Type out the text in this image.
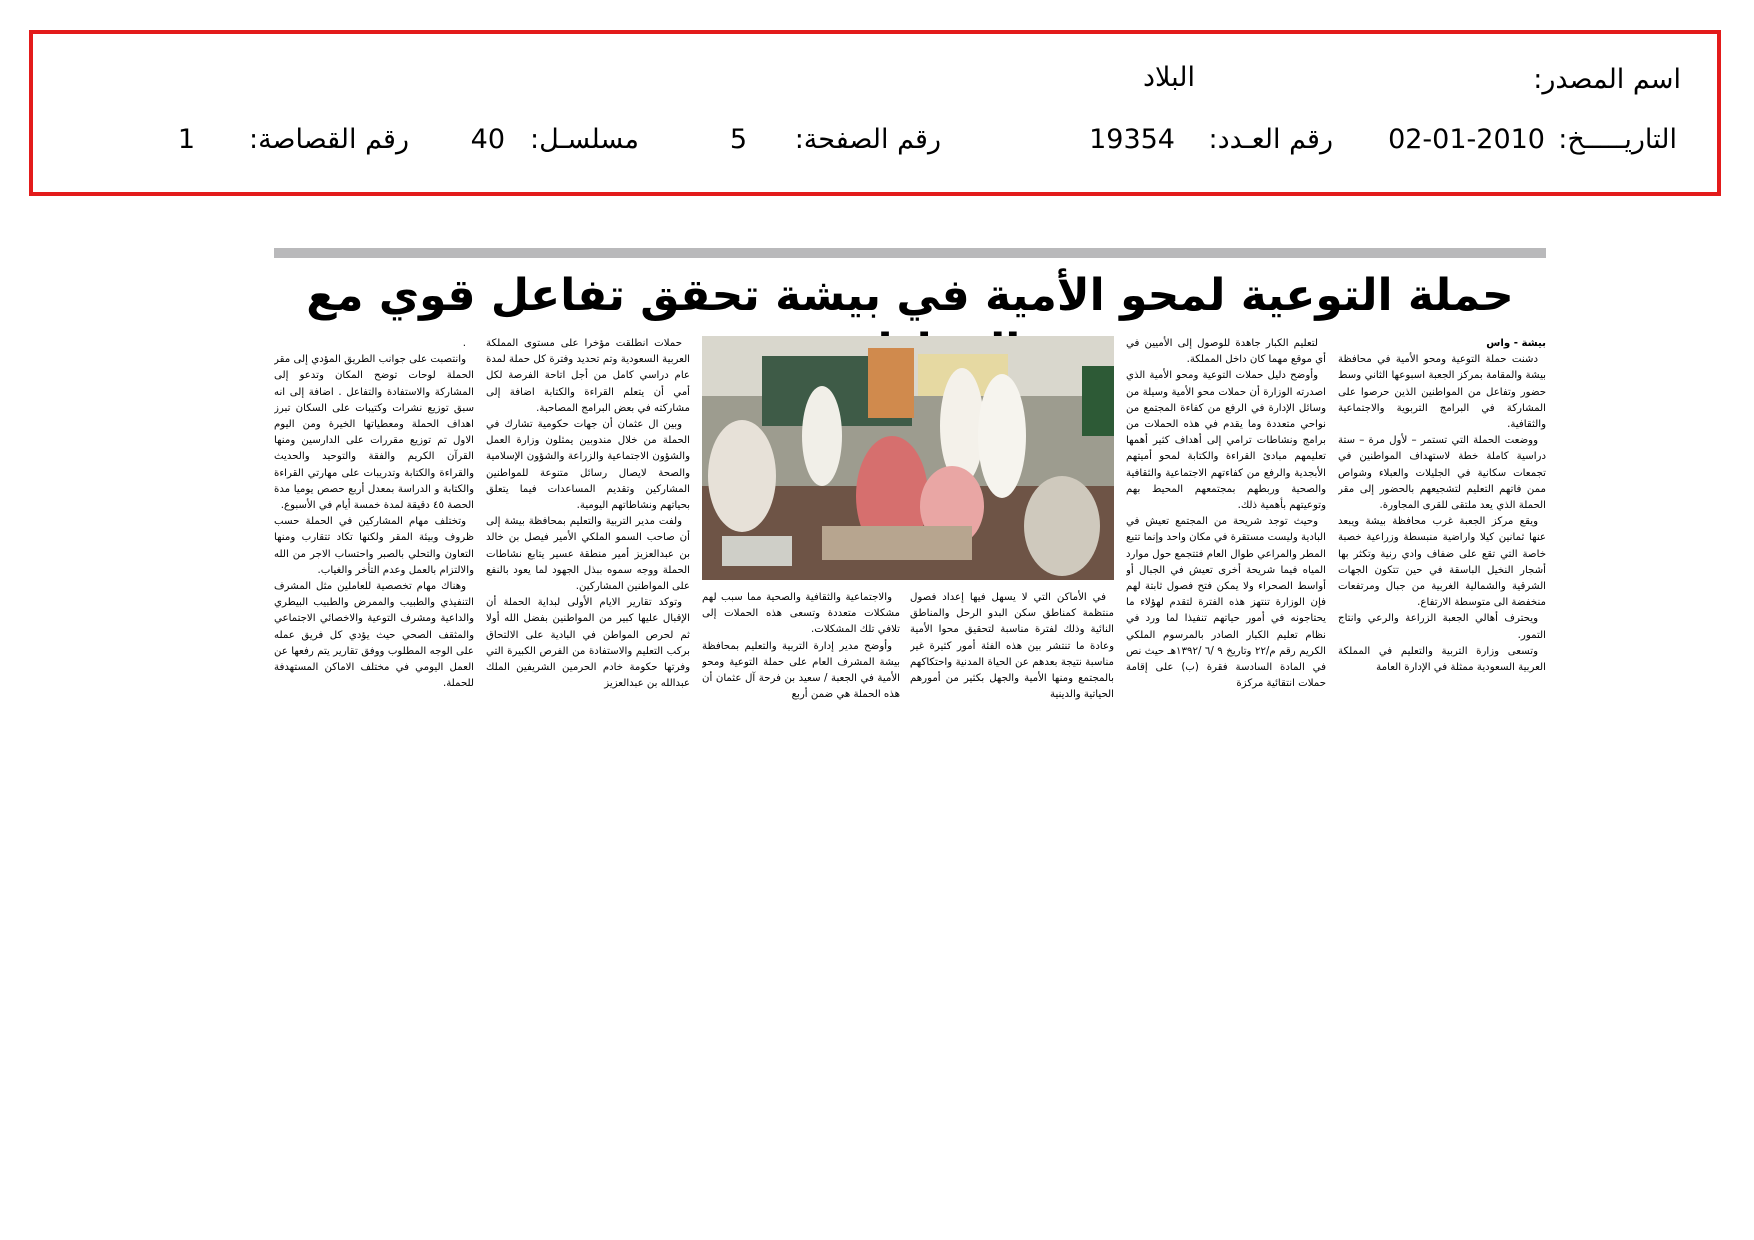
اسم المصدر:
البلاد
التاريـــــخ:
02-01-2010
رقم العـدد:
19354
رقم الصفحة:
5
مسلسـل:
40
رقم القصاصة:
1
حملة التوعية لمحو الأمية في بيشة تحقق تفاعل قوي مع
بيشة - واس

دشنت حملة التوعية ومحو الأمية في محافظة بيشة والمقامة بمركز الجعبة اسبوعها الثاني وسط حضور وتفاعل من المواطنين الذين حرصوا على المشاركة في البرامج التربوية والاجتماعية والثقافية.

ووضعت الحملة التي تستمر – لأول مرة – ستة دراسية كاملة خطة لاستهداف المواطنين في تجمعات سكانية في الجليلات والعبلاء وشواص ممن فاتهم التعليم لتشجيعهم بالحضور إلى مقر الحملة الذي يعد ملتقى للقرى المجاورة.

ويقع مركز الجعبة غرب محافظة بيشة ويبعد عنها ثمانين كيلا واراضية منبسطة وزراعية خصبة خاصة التي تقع على ضفاف وادي رنية وتكثر بها أشجار النخيل الباسقة في حين تتكون الجهات الشرقية والشمالية الغربية من جبال ومرتفعات منخفضة الى متوسطة الارتفاع.

ويحترف أهالي الجعبة الزراعة والرعي وانتاج التمور.

وتسعى وزارة التربية والتعليم في المملكة العربية السعودية ممثلة في الإدارة العامة

لتعليم الكبار جاهدة للوصول إلى الأميين في أي موقع مهما كان داخل المملكة.

وأوضح دليل حملات التوعية ومحو الأمية الذي اصدرته الوزارة أن حملات محو الأمية وسيلة من وسائل الإدارة في الرفع من كفاءة المجتمع من نواحي متعددة وما يقدم في هذه الحملات من برامج ونشاطات ترامي إلى أهداف كثير أهمها تعليمهم مبادئ القراءة والكتابة لمحو أميتهم الأبجدية والرفع من كفاءتهم الاجتماعية والثقافية والصحية وربطهم بمجتمعهم المحيط بهم وتوعيتهم بأهمية ذلك.

وحيث توجد شريحة من المجتمع تعيش في البادية وليست مستقرة في مكان واحد وإنما تتبع المطر والمراعي طوال العام فتتجمع حول موارد المياه فيما شريحة أخرى تعيش في الجبال أو أواسط الصحراء ولا يمكن فتح فصول ثابتة لهم فإن الوزارة تنتهز هذه الفترة لتقدم لهؤلاء ما يحتاجونه في أمور حياتهم تنفيذا لما ورد في نظام تعليم الكبار الصادر بالمرسوم الملكي الكريم رقم م/٢٢ وتاريخ ٩ /٦ /١٣٩٢هـ حيث نص في المادة السادسة فقرة (ب) على إقامة حملات انتقائية مركزة

في الأماكن التي لا يسهل فيها إعداد فصول منتظمة كمناطق سكن البدو الرحل والمناطق النائية وذلك لفترة مناسبة لتحقيق محوا الأمية وعادة ما تنتشر بين هذه الفئة أمور كثيرة غير مناسبة نتيجة بعدهم عن الحياة المدنية واحتكاكهم بالمجتمع ومنها الأمية والجهل بكثير من أمورهم الحياتية والدينية

والاجتماعية والثقافية والصحية مما سبب لهم مشكلات متعددة وتسعى هذه الحملات إلى تلافي تلك المشكلات.

وأوضح مدير إدارة التربية والتعليم بمحافظة بيشة المشرف العام على حملة التوعية ومحو الأمية في الجعبة / سعيد بن فرحة آل عثمان أن هذه الحملة هي ضمن أربع

حملات انطلقت مؤخرا على مستوى المملكة العربية السعودية وتم تحديد وفترة كل حملة لمدة عام دراسي كامل من أجل اتاحة الفرصة لكل أمي أن يتعلم القراءة والكتابة اضافة إلى مشاركته في بعض البرامج المصاحبة.

وبين ال عثمان أن جهات حكومية تشارك في الحملة من خلال مندوبين يمثلون وزارة العمل والشؤون الاجتماعية والزراعة والشؤون الإسلامية والصحة لايصال رسائل متنوعة للمواطنين المشاركين وتقديم المساعدات فيما يتعلق بحياتهم ونشاطاتهم اليومية.

ولفت مدير التربية والتعليم بمحافظة بيشة إلى أن صاحب السمو الملكي الأمير فيصل بن خالد بن عبدالعزيز أمير منطقة عسير يتابع نشاطات الحملة ووجه سموه ببذل الجهود لما يعود بالنفع على المواطنين المشاركين.

وتوكد تقارير الايام الأولى لبداية الحملة أن الإقبال عليها كبير من المواطنين بفضل الله أولا ثم لحرص المواطن في البادية على الالتحاق بركب التعليم والاستفادة من الفرص الكبيرة التي وفرتها حكومة خادم الحرمين الشريفين الملك عبدالله بن عبدالعزيز

.

وانتصبت على جوانب الطريق المؤدي إلى مقر الحملة لوحات توضح المكان وتدعو إلى المشاركة والاستفادة والتفاعل . اضافة إلى انه سبق توزيع نشرات وكتيبات على السكان تبرز اهداف الحملة ومعطياتها الخيرة ومن اليوم الاول تم توزيع مقررات على الدارسين ومنها القرآن الكريم والفقة والتوحيد والحديث والقراءة والكتابة وتدريبات على مهارتي القراءة والكتابة و الدراسة بمعدل أربع حصص يوميا مدة الحصة ٤٥ دقيقة لمدة خمسة أيام في الأسبوع.

وتختلف مهام المشاركين في الحملة حسب ظروف وبيئة المقر ولكنها تكاد تتقارب ومنها التعاون والتحلي بالصبر واحتساب الاجر من الله والالتزام بالعمل وعدم التأخر والغياب.

وهناك مهام تخصصية للعاملين مثل المشرف التنفيذي والطبيب والممرض والطبيب البيطري والداعية ومشرف التوعية والاخصائي الاجتماعي والمثقف الصحي حيث يؤدي كل فريق عمله على الوجه المطلوب ووفق تقارير يتم رفعها عن العمل اليومي في مختلف الاماكن المستهدفة للحملة.
